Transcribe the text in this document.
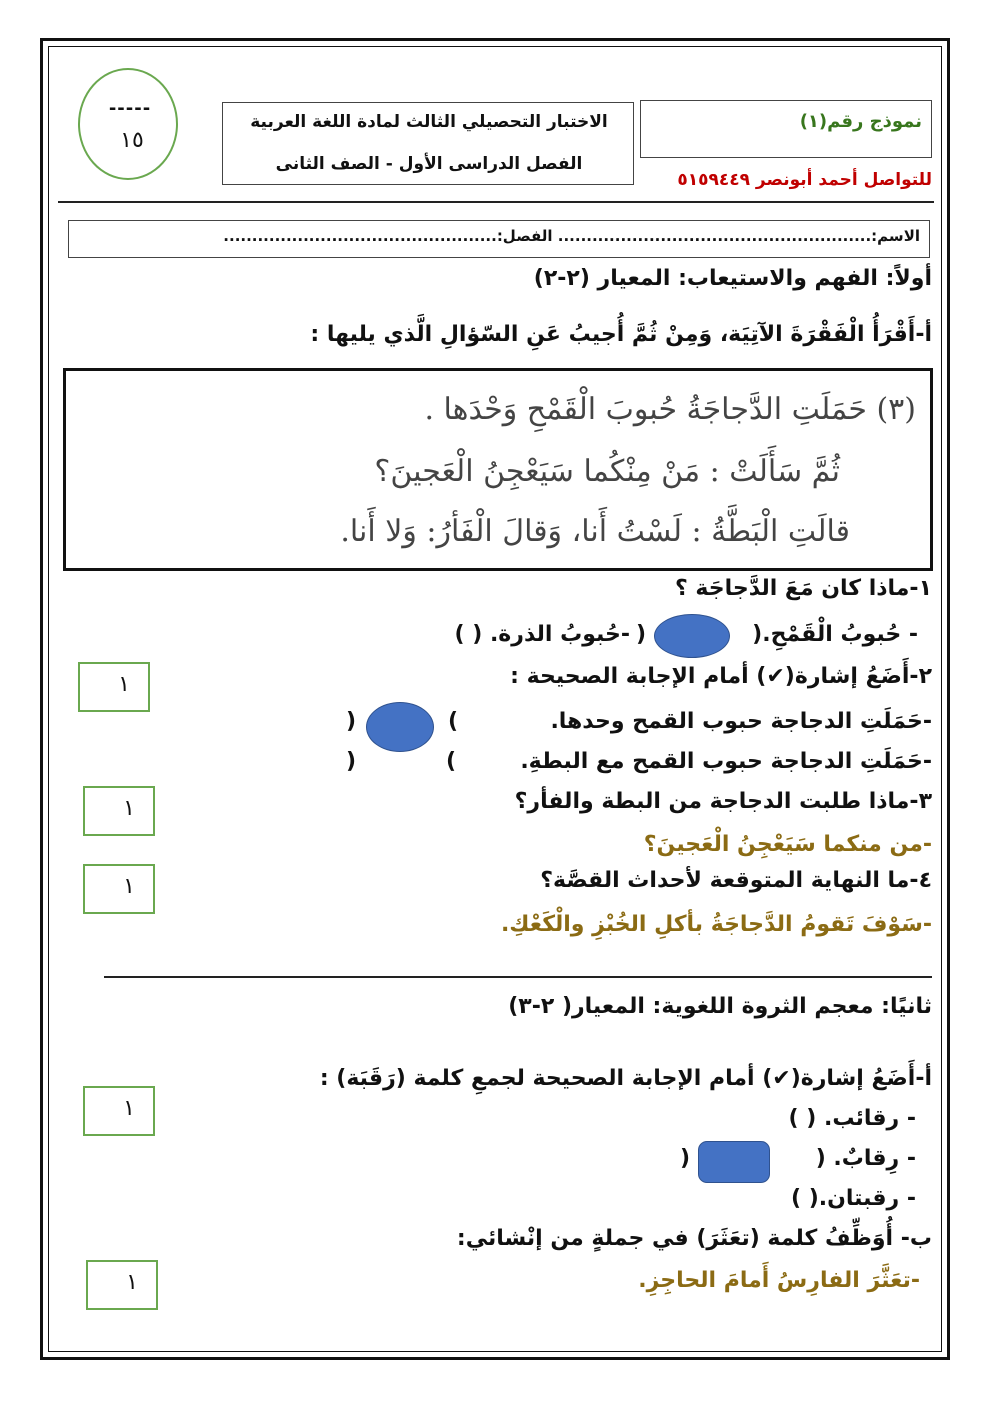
-----
١٥
الاختبار التحصيلي الثالث لمادة اللغة العربية
الفصل الدراسى الأول - الصف الثانى
نموذج رقم(١)
للتواصل أحمد أبونصر ٥١٥٩٤٤٩
الاسم:....................................................... الفصل:................................................
أولاً: الفهم والاستيعاب: المعيار (٢-٢)
أ-أَقْرَأُ الْفَقْرَةَ الآتِيَة، وَمِنْ ثُمَّ أُجيبُ عَنِ السّؤالِ الَّذي يليها :
(٣) حَمَلَتِ الدَّجاجَةُ حُبوبَ الْقَمْحِ وَحْدَها .
ثُمَّ سَأَلَتْ : مَنْ مِنْكُما سَيَعْجِنُ الْعَجينَ؟
قالَتِ الْبَطَّةُ : لَسْتُ أَنا، وَقالَ الْفَأرُ: وَلا أَنا.
١-ماذا كان مَعَ الدَّجاجَة ؟
- حُبوبُ الْقَمْحِ.(
)
-حُبوبُ الذرة. ( )
١	٢-أَضَعُ إشارة(✔) أمام الإجابة الصحيحة :
-حَمَلَتِ الدجاجة حبوب القمح وحدها.
(
)
-حَمَلَتِ الدجاجة حبوب القمح مع البطةِ.
(
)
١	٣-ماذا طلبت الدجاجة من البطة والفأر؟
-من منكما سَيَعْجِنُ الْعَجينَ؟
١	٤-ما النهاية المتوقعة لأحداث القصَّة؟
-سَوْفَ تَقومُ الدَّجاجَةُ بأكلِ الخُبْزِ والْكَعْكِ.
ثانيًا: معجم الثروة اللغوية: المعيار( ٢-٣)
١
أ-أَضَعُ إشارة(✔) أمام الإجابة الصحيحة لجمعِ كلمة (رَقَبَة) :
- رقائب. ( )
- رِقابٌ. (
)
- رقبتان.( )
ب- أُوَظِّفُ كلمة (تعَثَرَ) في جملةٍ من إنْشائي:
١	-تعَثَّرَ الفارِسُ أَمامَ الحاجِزِ.
